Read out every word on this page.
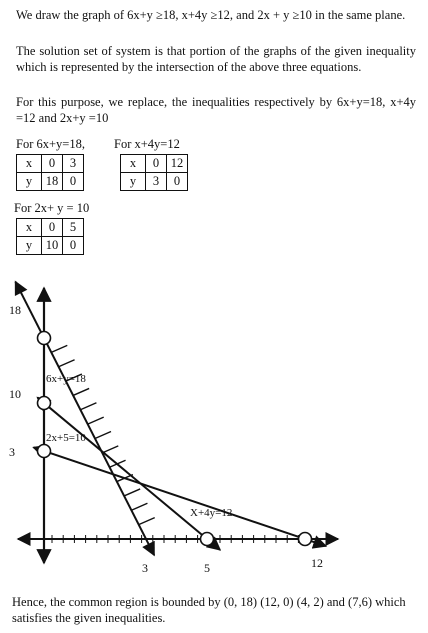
We draw the graph of 6x+y ≥18, x+4y ≥12, and 2x + y ≥10 in the same plane.
The solution set of system is that portion of the graphs of the given inequality which is represented by the intersection of the above three equations.
For this purpose, we replace, the inequalities respectively by 6x+y=18, x+4y =12 and 2x+y =10
For 6x+y=18,
x	0	3
y	18	0
For x+4y=12
x	0	12
y	3	0
For 2x+ y = 10
x	0	5
y	10	0
18
10
3
3	5	12
6x+y=18
2x+5=10
X+4y=12
Hence, the common region is bounded by (0, 18) (12, 0) (4, 2) and (7,6) which satisfies the given inequalities.
